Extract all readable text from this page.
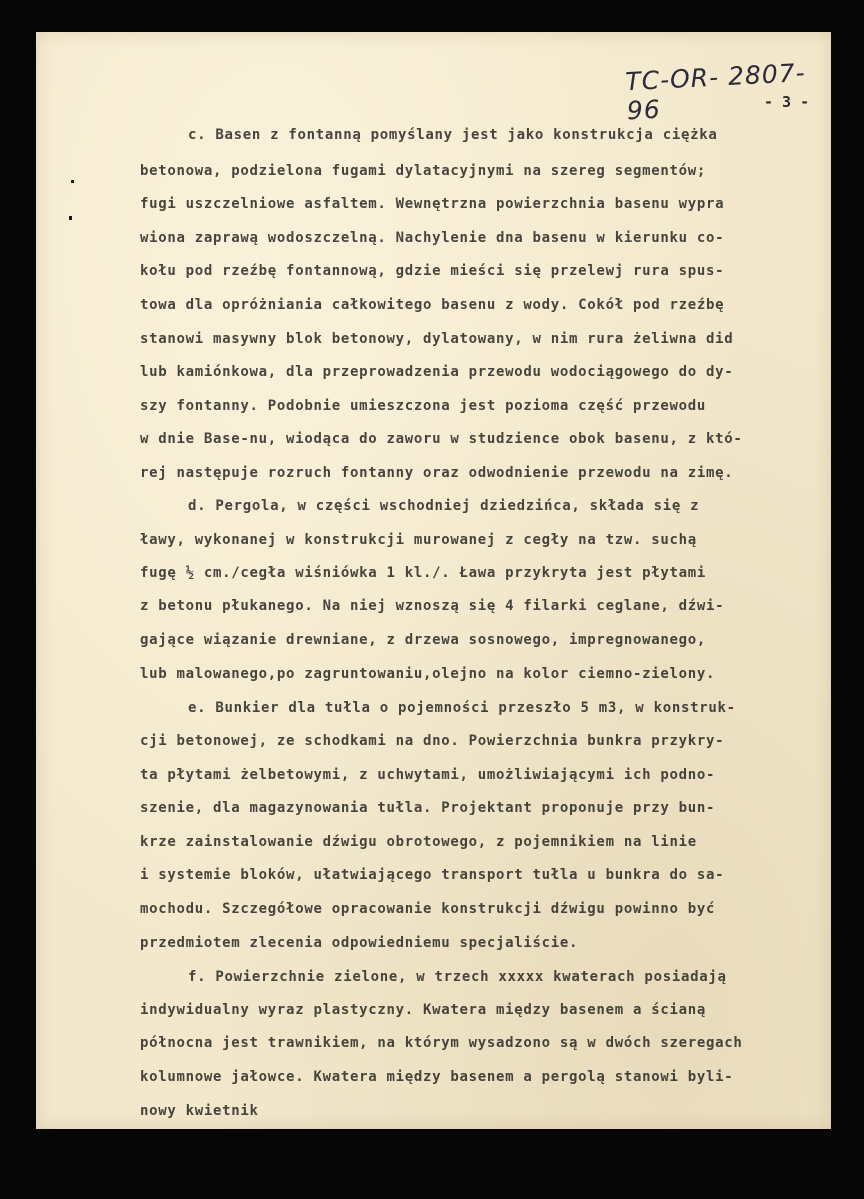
TC-OR- 2807-96	- 3 -
c. Basen z fontanną pomyślany jest jako konstrukcja ciężka
betonowa, podzielona fugami dylatacyjnymi na szereg segmentów;
fugi uszczelniowe asfaltem. Wewnętrzna powierzchnia basenu wypra
wiona zaprawą wodoszczelną. Nachylenie dna basenu w kierunku co-
kołu pod rzeźbę fontannową, gdzie mieści się przelewj rura spus-
towa dla opróżniania całkowitego basenu z wody. Cokół pod rzeźbę
stanowi masywny blok betonowy, dylatowany, w nim rura żeliwna did
lub kamiónkowa, dla przeprowadzenia przewodu wodociągowego do dy-
szy fontanny. Podobnie umieszczona jest pozioma część przewodu
w dnie Base-nu, wiodąca do zaworu w studzience obok basenu, z któ-
rej następuje rozruch fontanny oraz odwodnienie przewodu na zimę.
d. Pergola, w części wschodniej dziedzińca, składa się z
ławy, wykonanej w konstrukcji murowanej z cegły na tzw. suchą
fugę ½ cm./cegła wiśniówka 1 kl./. Ława przykryta jest płytami
z betonu płukanego. Na niej wznoszą się 4 filarki ceglane, dźwi-
gające wiązanie drewniane, z drzewa sosnowego, impregnowanego,
lub malowanego,po zagruntowaniu,olejno na kolor ciemno-zielony.
e. Bunkier dla tułla o pojemności przeszło 5 m3, w konstruk-
cji betonowej, ze schodkami na dno. Powierzchnia bunkra przykry-
ta płytami żelbetowymi, z uchwytami, umożliwiającymi ich podno-
szenie, dla magazynowania tułla. Projektant proponuje przy bun-
krze zainstalowanie dźwigu obrotowego, z pojemnikiem na linie
i systemie bloków, ułatwiającego transport tułla u bunkra do sa-
mochodu. Szczegółowe opracowanie konstrukcji dźwigu powinno być
przedmiotem zlecenia odpowiedniemu specjaliście.
f. Powierzchnie zielone, w trzech xxxxx kwaterach posiadają
indywidualny wyraz plastyczny. Kwatera między basenem a ścianą
północna jest trawnikiem, na którym wysadzono są w dwóch szeregach
kolumnowe jałowce. Kwatera między basenem a pergolą stanowi byli-
nowy kwietnik
